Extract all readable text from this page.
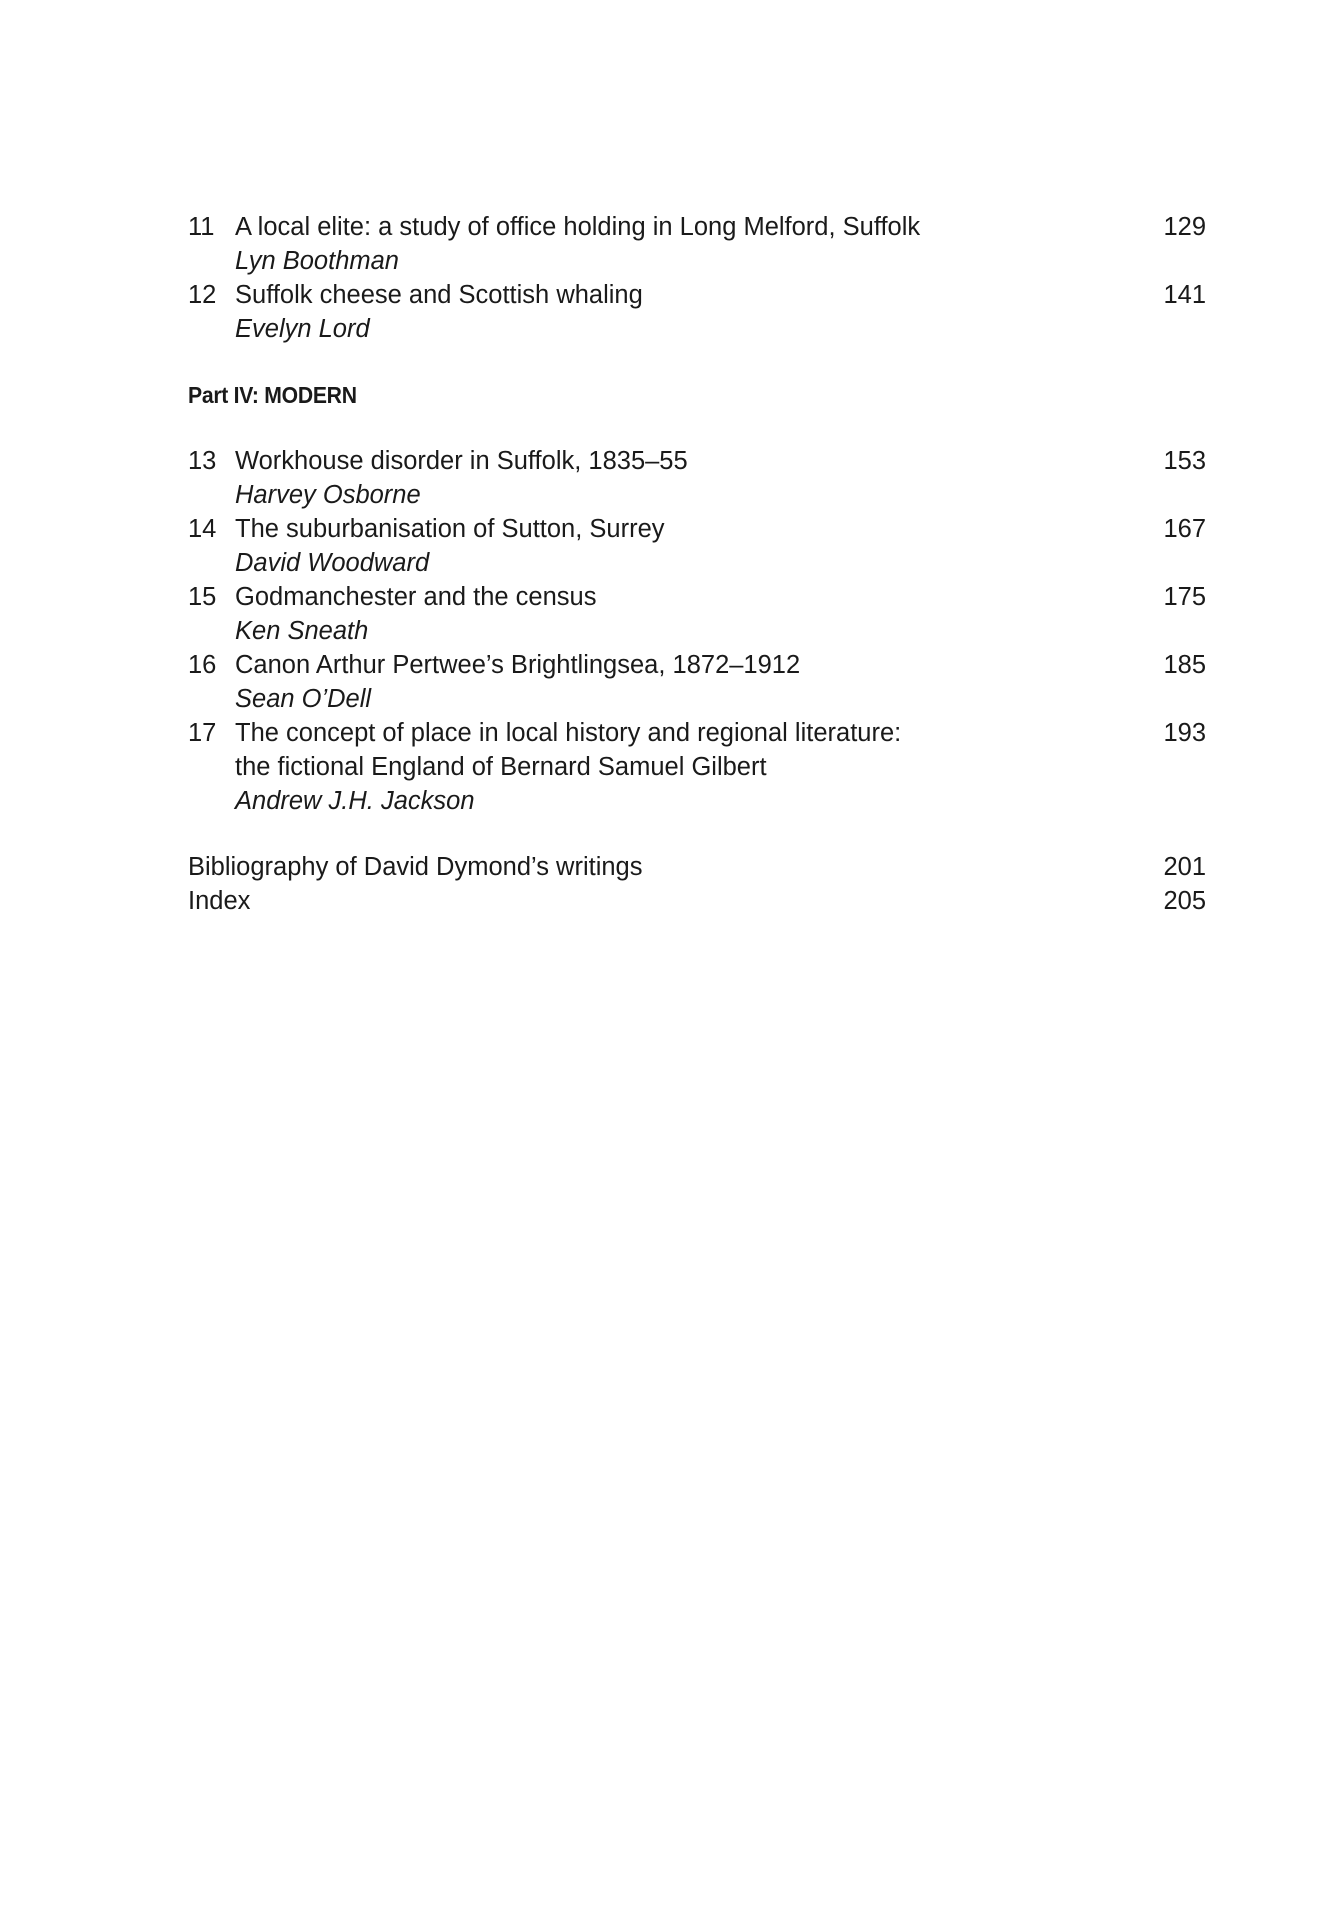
11 A local elite: a study of office holding in Long Melford, Suffolk
Lyn Boothman
129
12 Suffolk cheese and Scottish whaling
Evelyn Lord
141
Part IV: MODERN
13 Workhouse disorder in Suffolk, 1835–55
Harvey Osborne
153
14 The suburbanisation of Sutton, Surrey
David Woodward
167
15 Godmanchester and the census
Ken Sneath
175
16 Canon Arthur Pertwee’s Brightlingsea, 1872–1912
Sean O’Dell
185
17 The concept of place in local history and regional literature:
the fictional England of Bernard Samuel Gilbert
Andrew J.H. Jackson
193
Bibliography of David Dymond’s writings	201
Index	205
